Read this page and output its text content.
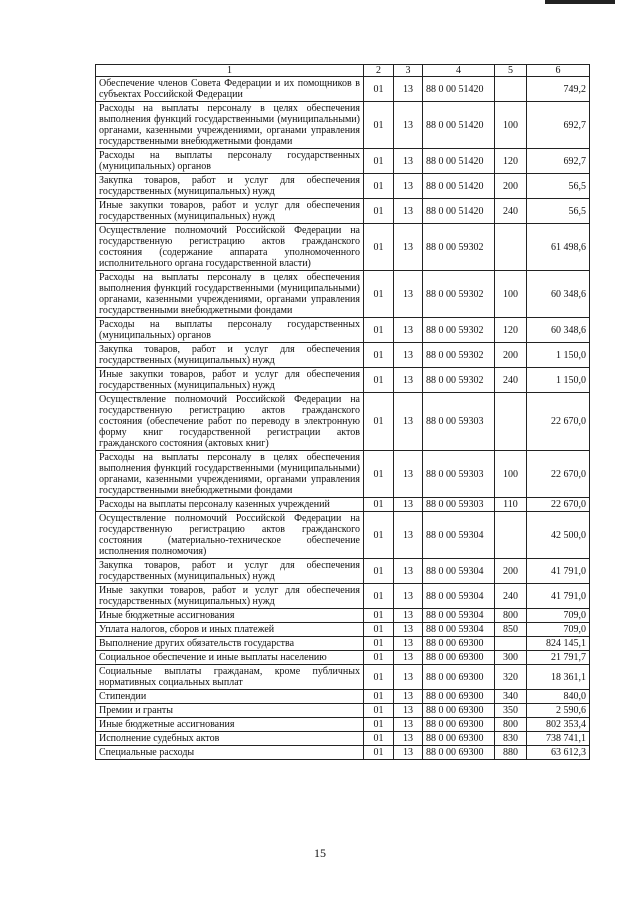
1	2	3	4	5	6
Обеспечение членов Совета Федерации и их помощников в субъектах Российской Федерации	01	13	88 0 00 51420		749,2
Расходы на выплаты персоналу в целях обеспечения выполнения функций государственными (муниципальными) органами, казенными учреждениями, органами управления государственными внебюджетными фондами	01	13	88 0 00 51420	100	692,7
Расходы на выплаты персоналу государственных (муниципальных) органов	01	13	88 0 00 51420	120	692,7
Закупка товаров, работ и услуг для обеспечения государственных (муниципальных) нужд	01	13	88 0 00 51420	200	56,5
Иные закупки товаров, работ и услуг для обеспечения государственных (муниципальных) нужд	01	13	88 0 00 51420	240	56,5
Осуществление полномочий Российской Федерации на государственную регистрацию актов гражданского состояния (содержание аппарата уполномоченного исполнительного органа государственной власти)	01	13	88 0 00 59302		61 498,6
Расходы на выплаты персоналу в целях обеспечения выполнения функций государственными (муниципальными) органами, казенными учреждениями, органами управления государственными внебюджетными фондами	01	13	88 0 00 59302	100	60 348,6
Расходы на выплаты персоналу государственных (муниципальных) органов	01	13	88 0 00 59302	120	60 348,6
Закупка товаров, работ и услуг для обеспечения государственных (муниципальных) нужд	01	13	88 0 00 59302	200	1 150,0
Иные закупки товаров, работ и услуг для обеспечения государственных (муниципальных) нужд	01	13	88 0 00 59302	240	1 150,0
Осуществление полномочий Российской Федерации на государственную регистрацию актов гражданского состояния (обеспечение работ по переводу в электронную форму книг государственной регистрации актов гражданского состояния (актовых книг)	01	13	88 0 00 59303		22 670,0
Расходы на выплаты персоналу в целях обеспечения выполнения функций государственными (муниципальными) органами, казенными учреждениями, органами управления государственными внебюджетными фондами	01	13	88 0 00 59303	100	22 670,0
Расходы на выплаты персоналу казенных учреждений	01	13	88 0 00 59303	110	22 670,0
Осуществление полномочий Российской Федерации на государственную регистрацию актов гражданского состояния (материально-техническое обеспечение исполнения полномочия)	01	13	88 0 00 59304		42 500,0
Закупка товаров, работ и услуг для обеспечения государственных (муниципальных) нужд	01	13	88 0 00 59304	200	41 791,0
Иные закупки товаров, работ и услуг для обеспечения государственных (муниципальных) нужд	01	13	88 0 00 59304	240	41 791,0
Иные бюджетные ассигнования	01	13	88 0 00 59304	800	709,0
Уплата налогов, сборов и иных платежей	01	13	88 0 00 59304	850	709,0
Выполнение других обязательств государства	01	13	88 0 00 69300		824 145,1
Социальное обеспечение и иные выплаты населению	01	13	88 0 00 69300	300	21 791,7
Социальные выплаты гражданам, кроме публичных нормативных социальных выплат	01	13	88 0 00 69300	320	18 361,1
Стипендии	01	13	88 0 00 69300	340	840,0
Премии и гранты	01	13	88 0 00 69300	350	2 590,6
Иные бюджетные ассигнования	01	13	88 0 00 69300	800	802 353,4
Исполнение судебных актов	01	13	88 0 00 69300	830	738 741,1
Специальные расходы	01	13	88 0 00 69300	880	63 612,3
15
